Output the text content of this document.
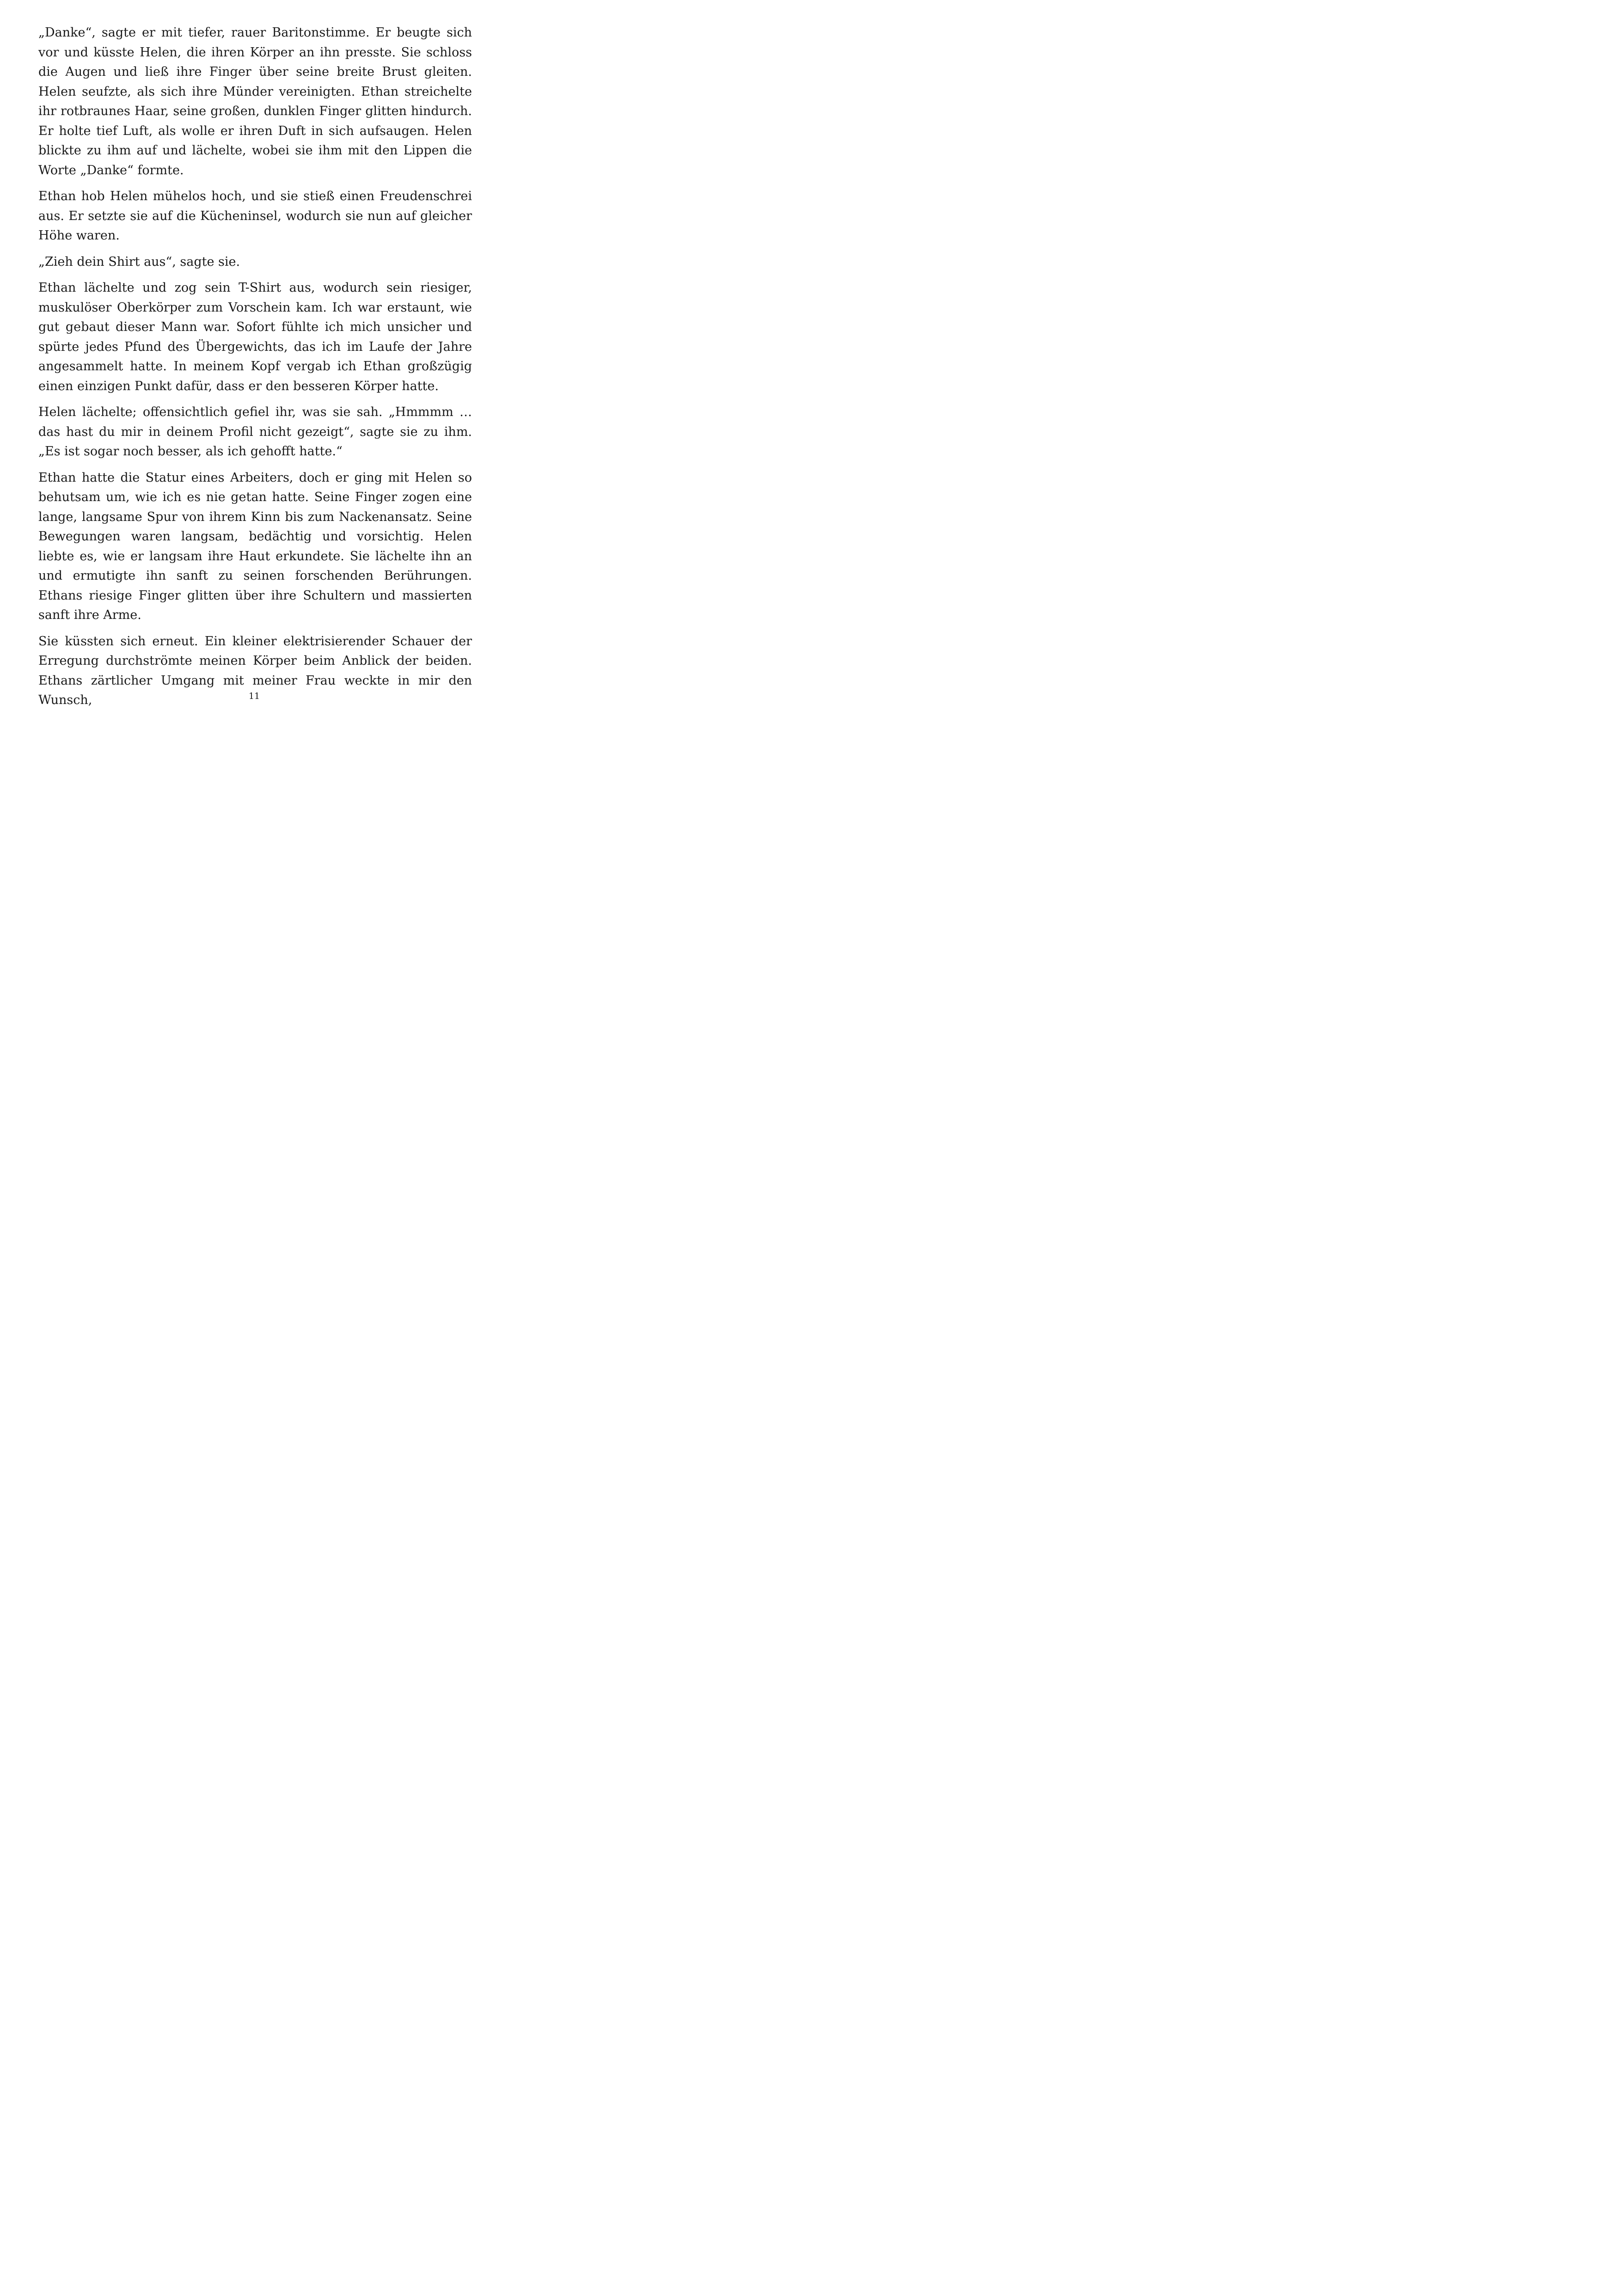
„Danke“, sagte er mit tiefer, rauer Baritonstimme. Er beugte sich vor und küsste Helen, die ihren Körper an ihn presste. Sie schloss die Augen und ließ ihre Finger über seine breite Brust gleiten. Helen seufzte, als sich ihre Münder vereinigten. Ethan streichelte ihr rotbraunes Haar, seine großen, dunklen Finger glitten hindurch. Er holte tief Luft, als wolle er ihren Duft in sich aufsaugen. Helen blickte zu ihm auf und lächelte, wobei sie ihm mit den Lippen die Worte „Danke“ formte.

Ethan hob Helen mühelos hoch, und sie stieß einen Freudenschrei aus. Er setzte sie auf die Kücheninsel, wodurch sie nun auf gleicher Höhe waren.

„Zieh dein Shirt aus“, sagte sie.

Ethan lächelte und zog sein T-Shirt aus, wodurch sein riesiger, muskulöser Oberkörper zum Vorschein kam. Ich war erstaunt, wie gut gebaut dieser Mann war. Sofort fühlte ich mich unsicher und spürte jedes Pfund des Übergewichts, das ich im Laufe der Jahre angesammelt hatte. In meinem Kopf vergab ich Ethan großzügig einen einzigen Punkt dafür, dass er den besseren Körper hatte.

Helen lächelte; offensichtlich gefiel ihr, was sie sah. „Hmmmm … das hast du mir in deinem Profil nicht gezeigt“, sagte sie zu ihm. „Es ist sogar noch besser, als ich gehofft hatte.“

Ethan hatte die Statur eines Arbeiters, doch er ging mit Helen so behutsam um, wie ich es nie getan hatte. Seine Finger zogen eine lange, langsame Spur von ihrem Kinn bis zum Nackenansatz. Seine Bewegungen waren langsam, bedächtig und vorsichtig. Helen liebte es, wie er langsam ihre Haut erkundete. Sie lächelte ihn an und ermutigte ihn sanft zu seinen forschenden Berührungen. Ethans riesige Finger glitten über ihre Schultern und massierten sanft ihre Arme.

Sie küssten sich erneut. Ein kleiner elektrisierender Schauer der Erregung durchströmte meinen Körper beim Anblick der beiden. Ethans zärtlicher Umgang mit meiner Frau weckte in mir den Wunsch,	11
